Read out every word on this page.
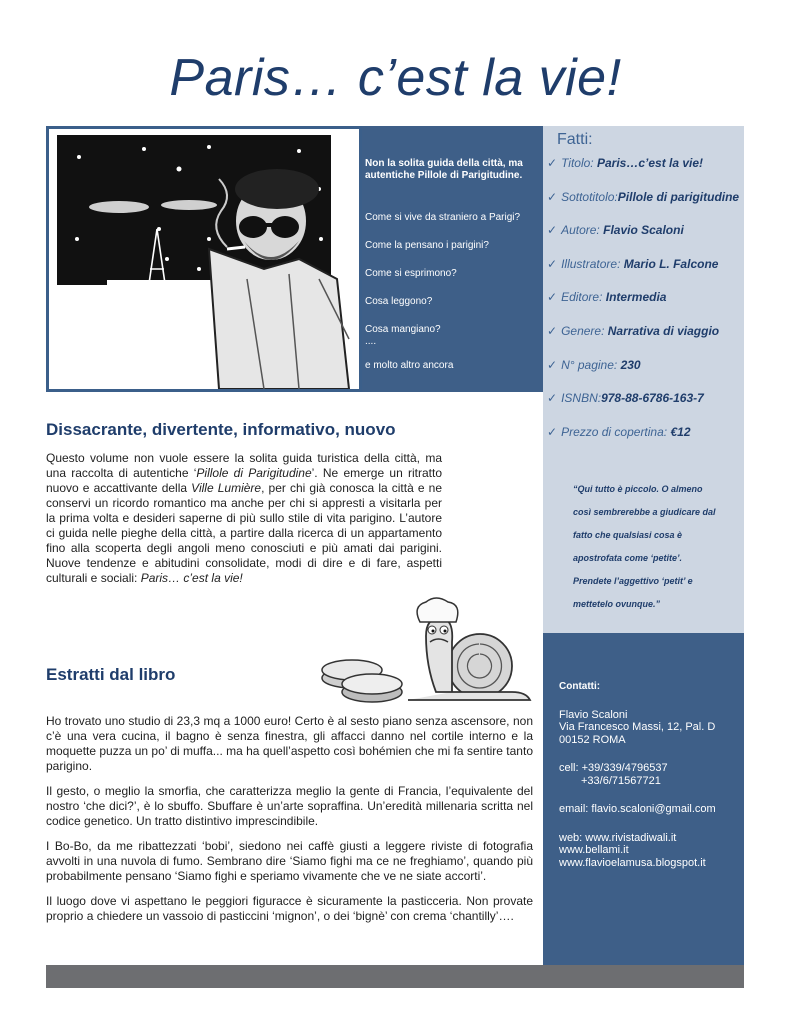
Paris… c’est la vie!
Non la solita guida della città, ma autentiche Pillole di Parigitudine.
Come si vive da straniero a Parigi?
Come la pensano i parigini?
Come si esprimono?
Cosa leggono?
Cosa mangiano?
....
e molto altro ancora
Fatti:
✓ Titolo: Paris…c’est la vie!
✓ Sottotitolo:Pillole di parigitudine
✓ Autore: Flavio Scaloni
✓ Illustratore: Mario L. Falcone
✓ Editore: Intermedia
✓ Genere: Narrativa di viaggio
✓ N° pagine: 230
✓ ISNBN:978-88-6786-163-7
✓ Prezzo di copertina: €12
“Qui tutto è piccolo. O almeno così sembrerebbe a giudicare dal fatto che qualsiasi cosa è apostrofata come ‘petite’. Prendete l’aggettivo ‘petit’ e mettetelo ovunque.”
Dissacrante, divertente, informativo, nuovo

Questo volume non vuole essere la solita guida turistica della città, ma una raccolta di autentiche ‘Pillole di Parigitudine’. Ne emerge un ritratto nuovo e accattivante della Ville Lumière, per chi già conosca la città e ne conservi un ricordo romantico ma anche per chi si appresti a visitarla per la prima volta e desideri saperne di più sullo stile di vita parigino. L’autore ci guida nelle pieghe della città, a partire dalla ricerca di un appartamento fino alla scoperta degli angoli meno conosciuti e più amati dai parigini. Nuove tendenze e abitudini consolidate, modi di dire e di fare, aspetti culturali e sociali: Paris… c’est la vie!

Estratti dal libro

Ho trovato uno studio di 23,3 mq a 1000 euro! Certo è al sesto piano senza ascensore, non c’è una vera cucina, il bagno è senza finestra, gli affacci danno nel cortile interno e la moquette puzza un po’ di muffa... ma ha quell’aspetto così bohémien che mi fa sentire tanto parigino.

Il gesto, o meglio la smorfia, che caratterizza meglio la gente di Francia, l’equivalente del nostro ‘che dici?’, è lo sbuffo. Sbuffare è un’arte sopraffina. Un’eredità millenaria scritta nel codice genetico. Un tratto distintivo imprescindibile.

I Bo-Bo, da me ribattezzati ‘bobi’, siedono nei caffè giusti a leggere riviste di fotografia avvolti in una nuvola di fumo. Sembrano dire ‘Siamo fighi ma ce ne freghiamo’, quando più probabilmente pensano ‘Siamo fighi e speriamo vivamente che ve ne siate accorti’.

Il luogo dove vi aspettano le peggiori figuracce è sicuramente la pasticceria. Non provate proprio a chiedere un vassoio di pasticcini ‘mignon’, o dei ‘bignè’ con crema ‘chantilly’….

Contatti:
Flavio Scaloni
Via Francesco Massi, 12, Pal. D
00152 ROMA
cell: +39/339/4796537
+33/6/71567721
email: flavio.scaloni@gmail.com
web: www.rivistadiwali.it
www.bellami.it
www.flavioelamusa.blogspot.it
